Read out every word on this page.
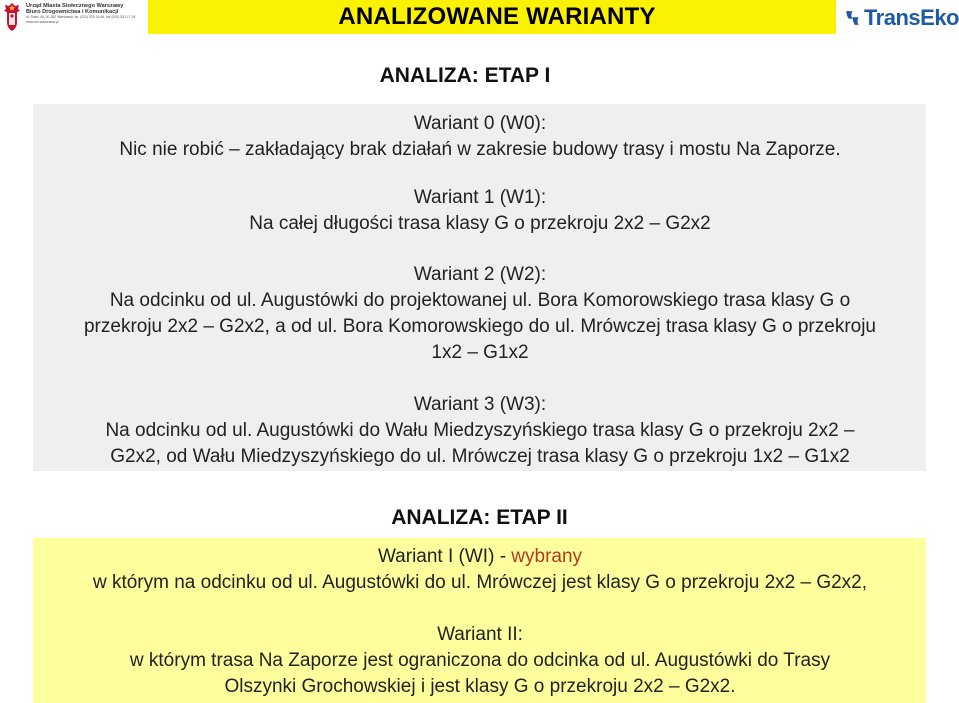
Urząd Miasta Stołecznego Warszawy
Biuro Drogownictwa i Komunikacji
ul. Solec 48, 00-382 Warszawa, tel. (022) 529 31 66, fax (022) 531 17 04
www.um.warszawa.pl	ANALIZOWANE WARIANTY	TransEko
ANALIZA: ETAP I
Wariant 0 (W0):
Nic nie robić – zakładający brak działań w zakresie budowy trasy i mostu Na Zaporze.
Wariant 1 (W1):
Na całej długości trasa klasy G o przekroju 2x2 – G2x2
Wariant 2 (W2):
Na odcinku od ul. Augustówki do projektowanej ul. Bora Komorowskiego trasa klasy G o
przekroju 2x2 – G2x2, a od ul. Bora Komorowskiego do ul. Mrówczej trasa klasy G o przekroju
1x2 – G1x2
Wariant 3 (W3):
Na odcinku od ul. Augustówki do Wału Miedzyszyńskiego trasa klasy G o przekroju 2x2 –
G2x2, od Wału Miedzyszyńskiego do ul. Mrówczej trasa klasy G o przekroju 1x2 – G1x2
ANALIZA: ETAP II
Wariant I (WI) - wybrany
w którym na odcinku od ul. Augustówki do ul. Mrówczej jest klasy G o przekroju 2x2 – G2x2,
Wariant II:
w którym trasa Na Zaporze jest ograniczona do odcinka od ul. Augustówki do Trasy
Olszynki Grochowskiej i jest klasy G o przekroju 2x2 – G2x2.
